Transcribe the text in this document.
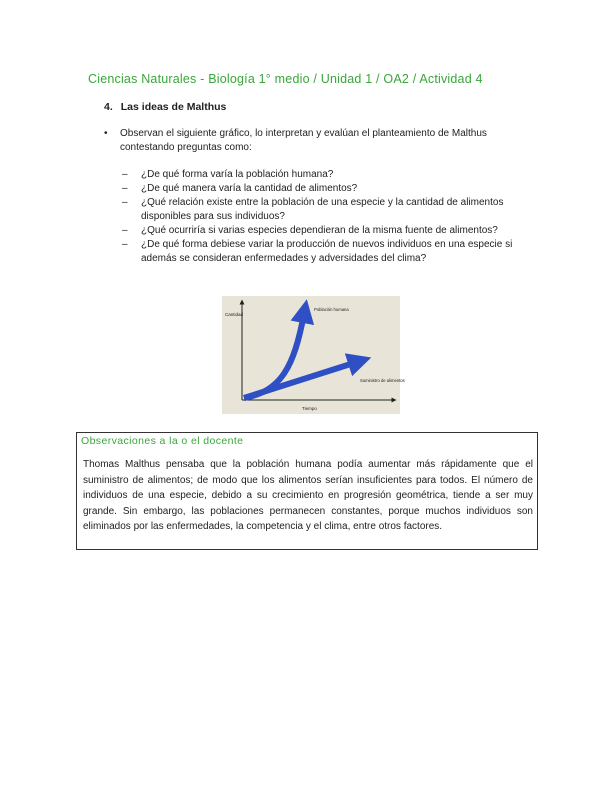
Ciencias Naturales - Biología 1° medio / Unidad 1 / OA2 / Actividad 4
4. Las ideas de Malthus
• Observan el siguiente gráfico, lo interpretan y evalúan el planteamiento de Malthus contestando preguntas como:
– ¿De qué forma varía la población humana?
– ¿De qué manera varía la cantidad de alimentos?
– ¿Qué relación existe entre la población de una especie y la cantidad de alimentos disponibles para sus individuos?
– ¿Qué ocurriría si varias especies dependieran de la misma fuente de alimentos?
– ¿De qué forma debiese variar la producción de nuevos individuos en una especie si además se consideran enfermedades y adversidades del clima?
Cantidad
Tiempo
Población humana
Suministro de alimentos
Observaciones a la o el docente
Thomas Malthus pensaba que la población humana podía aumentar más rápidamente que el suministro de alimentos; de modo que los alimentos serían insuficientes para todos. El número de individuos de una especie, debido a su crecimiento en progresión geométrica, tiende a ser muy grande. Sin embargo, las poblaciones permanecen constantes, porque muchos individuos son eliminados por las enfermedades, la competencia y el clima, entre otros factores.
